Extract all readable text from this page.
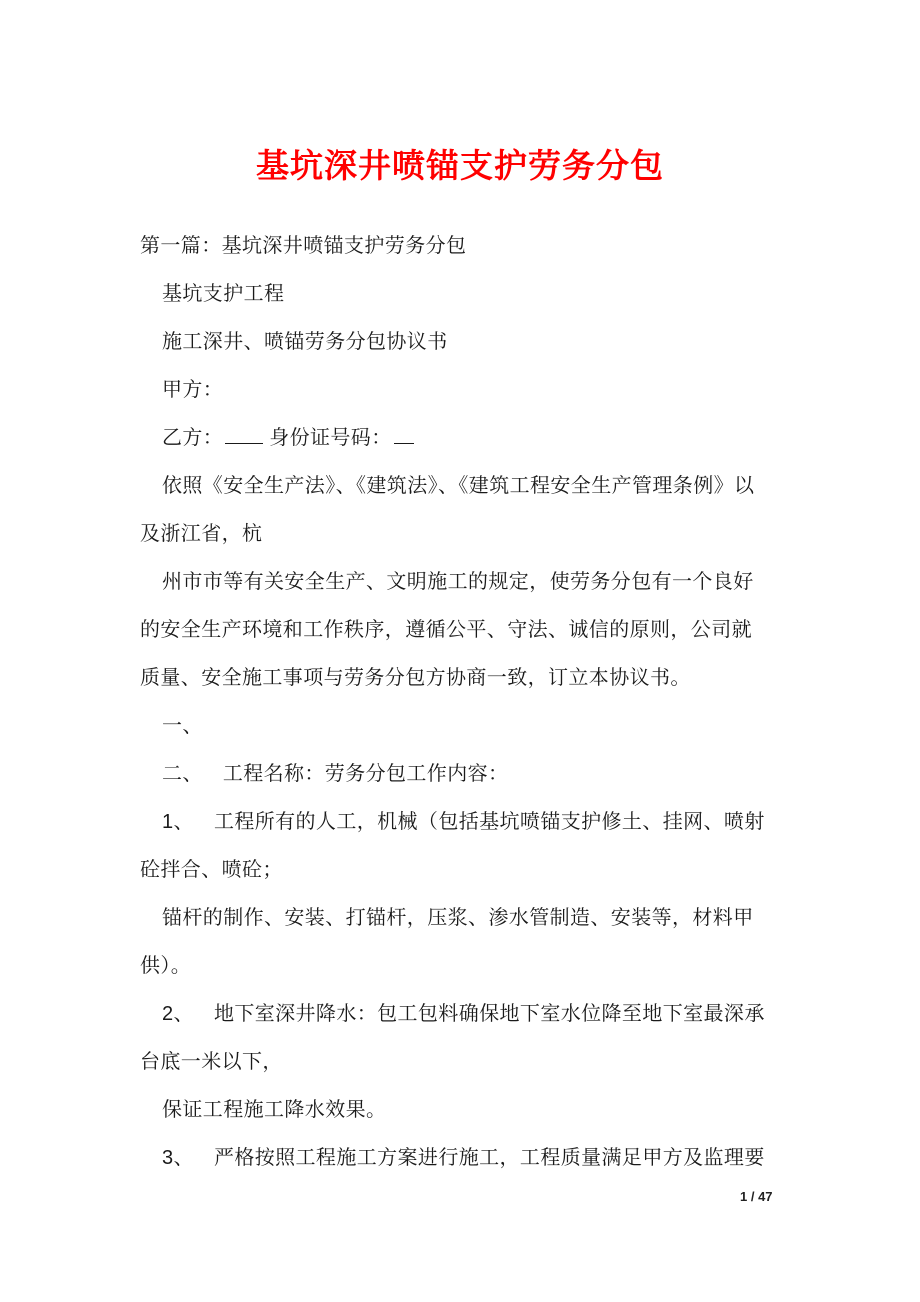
基坑深井喷锚支护劳务分包
第一篇：基坑深井喷锚支护劳务分包
基坑支护工程
施工深井、喷锚劳务分包协议书
甲方：
乙方： 身份证号码：
依照《安全生产法》、《建筑法》、《建筑工程安全生产管理条例》以
及浙江省，杭
州市市等有关安全生产、文明施工的规定，使劳务分包有一个良好
的安全生产环境和工作秩序，遵循公平、守法、诚信的原则，公司就
质量、安全施工事项与劳务分包方协商一致，订立本协议书。
一、
二、 工程名称：劳务分包工作内容：
1、 工程所有的人工，机械（包括基坑喷锚支护修土、挂网、喷射
砼拌合、喷砼；
锚杆的制作、安装、打锚杆，压浆、渗水管制造、安装等，材料甲
供）。
2、 地下室深井降水：包工包料确保地下室水位降至地下室最深承
台底一米以下，
保证工程施工降水效果。
3、 严格按照工程施工方案进行施工，工程质量满足甲方及监理要
1 / 47
